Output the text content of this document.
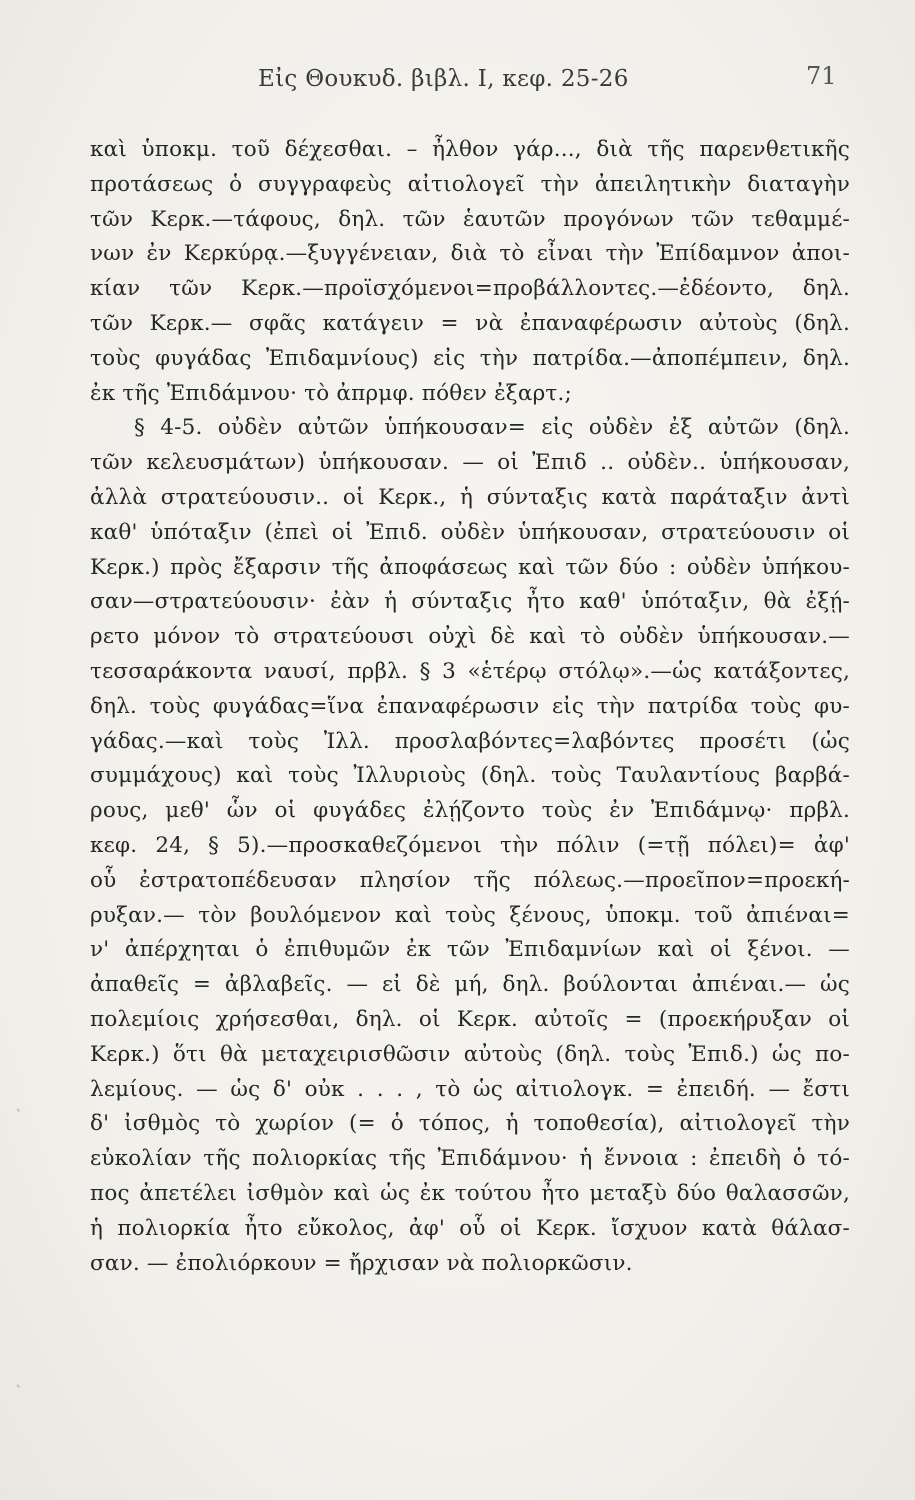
Εἰς Θουκυδ. βιβλ. I, κεφ. 25-26	71
καὶ ὑποκμ. τοῦ δέχεσθαι. – ἦλθον γάρ..., διὰ τῆς παρενθετικῆς
προτάσεως ὁ συγγραφεὺς αἰτιολογεῖ τὴν ἀπειλητικὴν διαταγὴν
τῶν Κερκ.—τάφους, δηλ. τῶν ἑαυτῶν προγόνων τῶν τεθαμμέ-
νων ἐν Κερκύρᾳ.—ξυγγένειαν, διὰ τὸ εἶναι τὴν Ἐπίδαμνον ἀποι-
κίαν τῶν Κερκ.—προϊσχόμενοι=προβάλλοντες.—ἐδέοντο, δηλ.
τῶν Κερκ.— σφᾶς κατάγειν = νὰ ἐπαναφέρωσιν αὐτοὺς (δηλ.
τοὺς φυγάδας Ἐπιδαμνίους) εἰς τὴν πατρίδα.—ἀποπέμπειν, δηλ.
ἐκ τῆς Ἐπιδάμνου· τὸ ἀπρμφ. πόθεν ἐξαρτ.;
§ 4-5. οὐδὲν αὐτῶν ὑπήκουσαν= εἰς οὐδὲν ἐξ αὐτῶν (δηλ.
τῶν κελευσμάτων) ὑπήκουσαν. — οἱ Ἐπιδ .. οὐδὲν.. ὑπήκουσαν,
ἀλλὰ στρατεύουσιν.. οἱ Κερκ., ἡ σύνταξις κατὰ παράταξιν ἀντὶ
καθ' ὑπόταξιν (ἐπεὶ οἱ Ἐπιδ. οὐδὲν ὑπήκουσαν, στρατεύουσιν οἱ
Κερκ.) πρὸς ἔξαρσιν τῆς ἀποφάσεως καὶ τῶν δύο : οὐδὲν ὑπήκου-
σαν—στρατεύουσιν· ἐὰν ἡ σύνταξις ἦτο καθ' ὑπόταξιν, θὰ ἐξῄ-
ρετο μόνον τὸ στρατεύουσι οὐχὶ δὲ καὶ τὸ οὐδὲν ὑπήκουσαν.—
τεσσαράκοντα ναυσί, πρβλ. § 3 «ἑτέρῳ στόλῳ».—ὡς κατάξοντες,
δηλ. τοὺς φυγάδας=ἵνα ἐπαναφέρωσιν εἰς τὴν πατρίδα τοὺς φυ-
γάδας.—καὶ τοὺς Ἰλλ. προσλαβόντες=λαβόντες προσέτι (ὡς
συμμάχους) καὶ τοὺς Ἰλλυριοὺς (δηλ. τοὺς Ταυλαντίους βαρβά-
ρους, μεθ' ὧν οἱ φυγάδες ἐλῄζοντο τοὺς ἐν Ἐπιδάμνῳ· πρβλ.
κεφ. 24, § 5).—προσκαθεζόμενοι τὴν πόλιν (=τῇ πόλει)= ἀφ'
οὗ ἐστρατοπέδευσαν πλησίον τῆς πόλεως.—προεῖπον=προεκή-
ρυξαν.— τὸν βουλόμενον καὶ τοὺς ξένους, ὑποκμ. τοῦ ἀπιέναι=
ν' ἀπέρχηται ὁ ἐπιθυμῶν ἐκ τῶν Ἐπιδαμνίων καὶ οἱ ξένοι. —
ἀπαθεῖς = ἀβλαβεῖς. — εἰ δὲ μή, δηλ. βούλονται ἀπιέναι.— ὡς
πολεμίοις χρήσεσθαι, δηλ. οἱ Κερκ. αὐτοῖς = (προεκήρυξαν οἱ
Κερκ.) ὅτι θὰ μεταχειρισθῶσιν αὐτοὺς (δηλ. τοὺς Ἐπιδ.) ὡς πο-
λεμίους. — ὡς δ' οὐκ . . . , τὸ ὡς αἰτιολογκ. = ἐπειδή. — ἔστι
δ' ἰσθμὸς τὸ χωρίον (= ὁ τόπος, ἡ τοποθεσία), αἰτιολογεῖ τὴν
εὐκολίαν τῆς πολιορκίας τῆς Ἐπιδάμνου· ἡ ἔννοια : ἐπειδὴ ὁ τό-
πος ἀπετέλει ἰσθμὸν καὶ ὡς ἐκ τούτου ἦτο μεταξὺ δύο θαλασσῶν,
ἡ πολιορκία ἦτο εὔκολος, ἀφ' οὗ οἱ Κερκ. ἴσχυον κατὰ θάλασ-
σαν. — ἐπολιόρκουν = ἤρχισαν νὰ πολιορκῶσιν.
˛
˛
